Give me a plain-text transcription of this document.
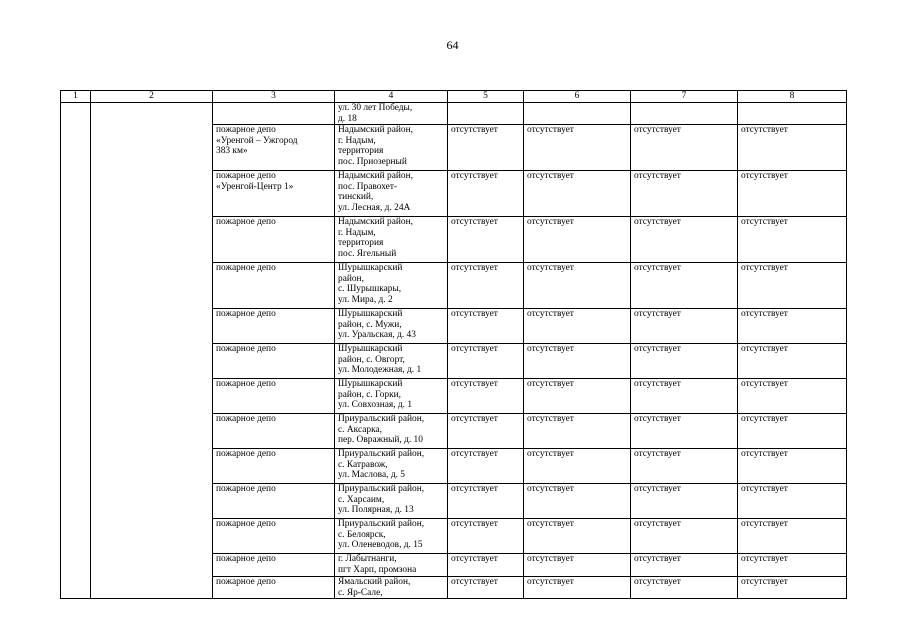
64
1	2	3	4	5	6	7	8
			ул. 30 лет Победы,
д. 18				
		пожарное депо
«Уренгой – Ужгород
383 км»	Надымский район,
г. Надым,
территория
пос. Приозерный	отсутствует	отсутствует	отсутствует	отсутствует
		пожарное депо
«Уренгой-Центр 1»	Надымский район,
пос. Правохет-
тинский,
ул. Лесная, д. 24А	отсутствует	отсутствует	отсутствует	отсутствует
		пожарное депо	Надымский район,
г. Надым,
территория
пос. Ягельный	отсутствует	отсутствует	отсутствует	отсутствует
		пожарное депо	Шурышкарский
район,
с. Шурышкары,
ул. Мира, д. 2	отсутствует	отсутствует	отсутствует	отсутствует
		пожарное депо	Шурышкарский
район, с. Мужи,
ул. Уральская, д. 43	отсутствует	отсутствует	отсутствует	отсутствует
		пожарное депо	Шурышкарский
район, с. Овгорт,
ул. Молодежная, д. 1	отсутствует	отсутствует	отсутствует	отсутствует
		пожарное депо	Шурышкарский
район, с. Горки,
ул. Совхозная, д. 1	отсутствует	отсутствует	отсутствует	отсутствует
		пожарное депо	Приуральский район,
с. Аксарка,
пер. Овражный, д. 10	отсутствует	отсутствует	отсутствует	отсутствует
		пожарное депо	Приуральский район,
с. Катравож,
ул. Маслова, д. 5	отсутствует	отсутствует	отсутствует	отсутствует
		пожарное депо	Приуральский район,
с. Харсаим,
ул. Полярная, д. 13	отсутствует	отсутствует	отсутствует	отсутствует
		пожарное депо	Приуральский район,
с. Белоярск,
ул. Оленеводов, д. 15	отсутствует	отсутствует	отсутствует	отсутствует
		пожарное депо	г. Лабытнанги,
пгт Харп, промзона	отсутствует	отсутствует	отсутствует	отсутствует
		пожарное депо	Ямальский район,
с. Яр-Сале,	отсутствует	отсутствует	отсутствует	отсутствует
